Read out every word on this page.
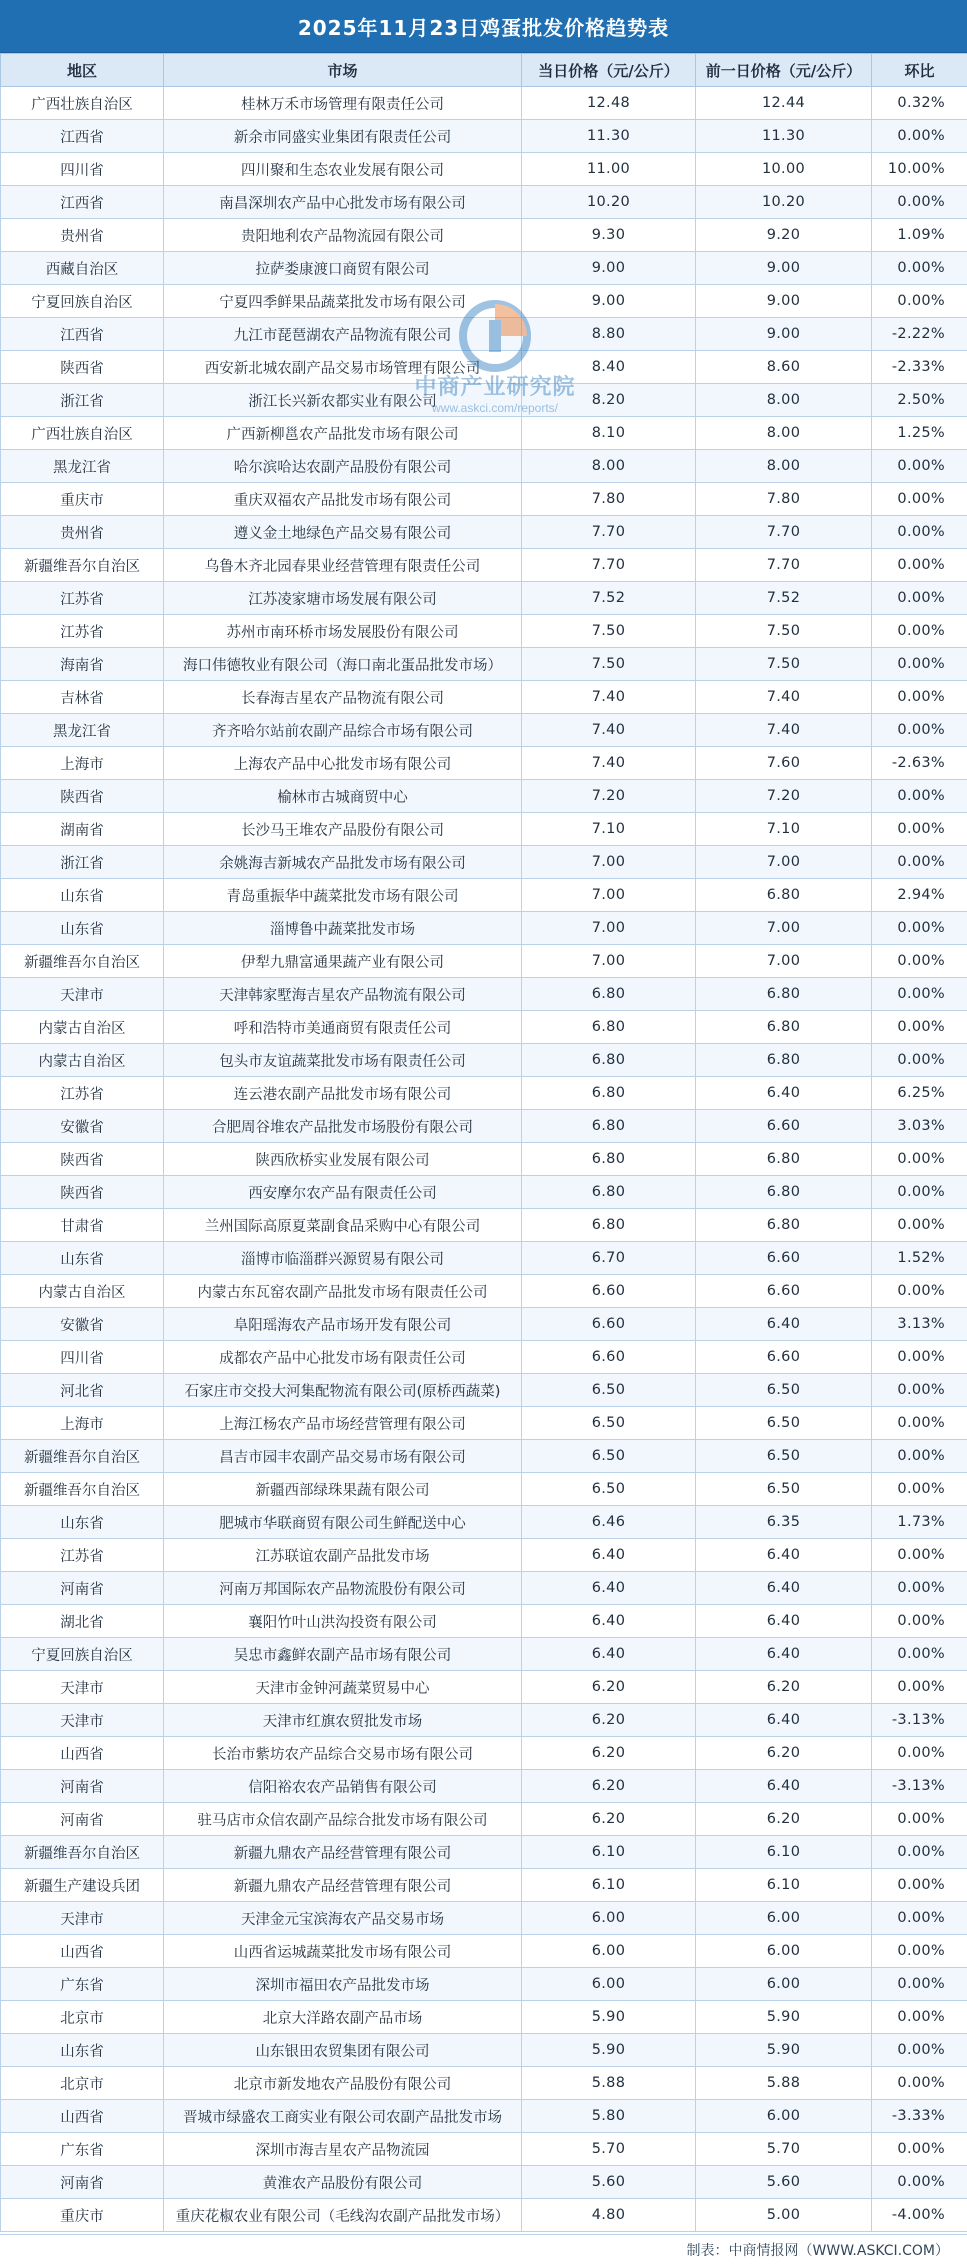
2025年11月23日鸡蛋批发价格趋势表
地区	市场	当日价格（元/公斤）	前一日价格（元/公斤）	环比
广西壮族自治区	桂林万禾市场管理有限责任公司	12.48	12.44	0.32%
江西省	新余市同盛实业集团有限责任公司	11.30	11.30	0.00%
四川省	四川聚和生态农业发展有限公司	11.00	10.00	10.00%
江西省	南昌深圳农产品中心批发市场有限公司	10.20	10.20	0.00%
贵州省	贵阳地利农产品物流园有限公司	9.30	9.20	1.09%
西藏自治区	拉萨娄康渡口商贸有限公司	9.00	9.00	0.00%
宁夏回族自治区	宁夏四季鲜果品蔬菜批发市场有限公司	9.00	9.00	0.00%
江西省	九江市琵琶湖农产品物流有限公司	8.80	9.00	-2.22%
陕西省	西安新北城农副产品交易市场管理有限公司	8.40	8.60	-2.33%
浙江省	浙江长兴新农都实业有限公司	8.20	8.00	2.50%
广西壮族自治区	广西新柳邕农产品批发市场有限公司	8.10	8.00	1.25%
黑龙江省	哈尔滨哈达农副产品股份有限公司	8.00	8.00	0.00%
重庆市	重庆双福农产品批发市场有限公司	7.80	7.80	0.00%
贵州省	遵义金土地绿色产品交易有限公司	7.70	7.70	0.00%
新疆维吾尔自治区	乌鲁木齐北园春果业经营管理有限责任公司	7.70	7.70	0.00%
江苏省	江苏凌家塘市场发展有限公司	7.52	7.52	0.00%
江苏省	苏州市南环桥市场发展股份有限公司	7.50	7.50	0.00%
海南省	海口伟德牧业有限公司（海口南北蛋品批发市场）	7.50	7.50	0.00%
吉林省	长春海吉星农产品物流有限公司	7.40	7.40	0.00%
黑龙江省	齐齐哈尔站前农副产品综合市场有限公司	7.40	7.40	0.00%
上海市	上海农产品中心批发市场有限公司	7.40	7.60	-2.63%
陕西省	榆林市古城商贸中心	7.20	7.20	0.00%
湖南省	长沙马王堆农产品股份有限公司	7.10	7.10	0.00%
浙江省	余姚海吉新城农产品批发市场有限公司	7.00	7.00	0.00%
山东省	青岛重振华中蔬菜批发市场有限公司	7.00	6.80	2.94%
山东省	淄博鲁中蔬菜批发市场	7.00	7.00	0.00%
新疆维吾尔自治区	伊犁九鼎富通果蔬产业有限公司	7.00	7.00	0.00%
天津市	天津韩家墅海吉星农产品物流有限公司	6.80	6.80	0.00%
内蒙古自治区	呼和浩特市美通商贸有限责任公司	6.80	6.80	0.00%
内蒙古自治区	包头市友谊蔬菜批发市场有限责任公司	6.80	6.80	0.00%
江苏省	连云港农副产品批发市场有限公司	6.80	6.40	6.25%
安徽省	合肥周谷堆农产品批发市场股份有限公司	6.80	6.60	3.03%
陕西省	陕西欣桥实业发展有限公司	6.80	6.80	0.00%
陕西省	西安摩尔农产品有限责任公司	6.80	6.80	0.00%
甘肃省	兰州国际高原夏菜副食品采购中心有限公司	6.80	6.80	0.00%
山东省	淄博市临淄群兴源贸易有限公司	6.70	6.60	1.52%
内蒙古自治区	内蒙古东瓦窑农副产品批发市场有限责任公司	6.60	6.60	0.00%
安徽省	阜阳瑶海农产品市场开发有限公司	6.60	6.40	3.13%
四川省	成都农产品中心批发市场有限责任公司	6.60	6.60	0.00%
河北省	石家庄市交投大河集配物流有限公司(原桥西蔬菜)	6.50	6.50	0.00%
上海市	上海江杨农产品市场经营管理有限公司	6.50	6.50	0.00%
新疆维吾尔自治区	昌吉市园丰农副产品交易市场有限公司	6.50	6.50	0.00%
新疆维吾尔自治区	新疆西部绿珠果蔬有限公司	6.50	6.50	0.00%
山东省	肥城市华联商贸有限公司生鲜配送中心	6.46	6.35	1.73%
江苏省	江苏联谊农副产品批发市场	6.40	6.40	0.00%
河南省	河南万邦国际农产品物流股份有限公司	6.40	6.40	0.00%
湖北省	襄阳竹叶山洪沟投资有限公司	6.40	6.40	0.00%
宁夏回族自治区	吴忠市鑫鲜农副产品市场有限公司	6.40	6.40	0.00%
天津市	天津市金钟河蔬菜贸易中心	6.20	6.20	0.00%
天津市	天津市红旗农贸批发市场	6.20	6.40	-3.13%
山西省	长治市紫坊农产品综合交易市场有限公司	6.20	6.20	0.00%
河南省	信阳裕农农产品销售有限公司	6.20	6.40	-3.13%
河南省	驻马店市众信农副产品综合批发市场有限公司	6.20	6.20	0.00%
新疆维吾尔自治区	新疆九鼎农产品经营管理有限公司	6.10	6.10	0.00%
新疆生产建设兵团	新疆九鼎农产品经营管理有限公司	6.10	6.10	0.00%
天津市	天津金元宝滨海农产品交易市场	6.00	6.00	0.00%
山西省	山西省运城蔬菜批发市场有限公司	6.00	6.00	0.00%
广东省	深圳市福田农产品批发市场	6.00	6.00	0.00%
北京市	北京大洋路农副产品市场	5.90	5.90	0.00%
山东省	山东银田农贸集团有限公司	5.90	5.90	0.00%
北京市	北京市新发地农产品股份有限公司	5.88	5.88	0.00%
山西省	晋城市绿盛农工商实业有限公司农副产品批发市场	5.80	6.00	-3.33%
广东省	深圳市海吉星农产品物流园	5.70	5.70	0.00%
河南省	黄淮农产品股份有限公司	5.60	5.60	0.00%
重庆市	重庆花椒农业有限公司（毛线沟农副产品批发市场）	4.80	5.00	-4.00%
中商产业研究院
www.askci.com/reports/
制表：中商情报网（WWW.ASKCI.COM）
